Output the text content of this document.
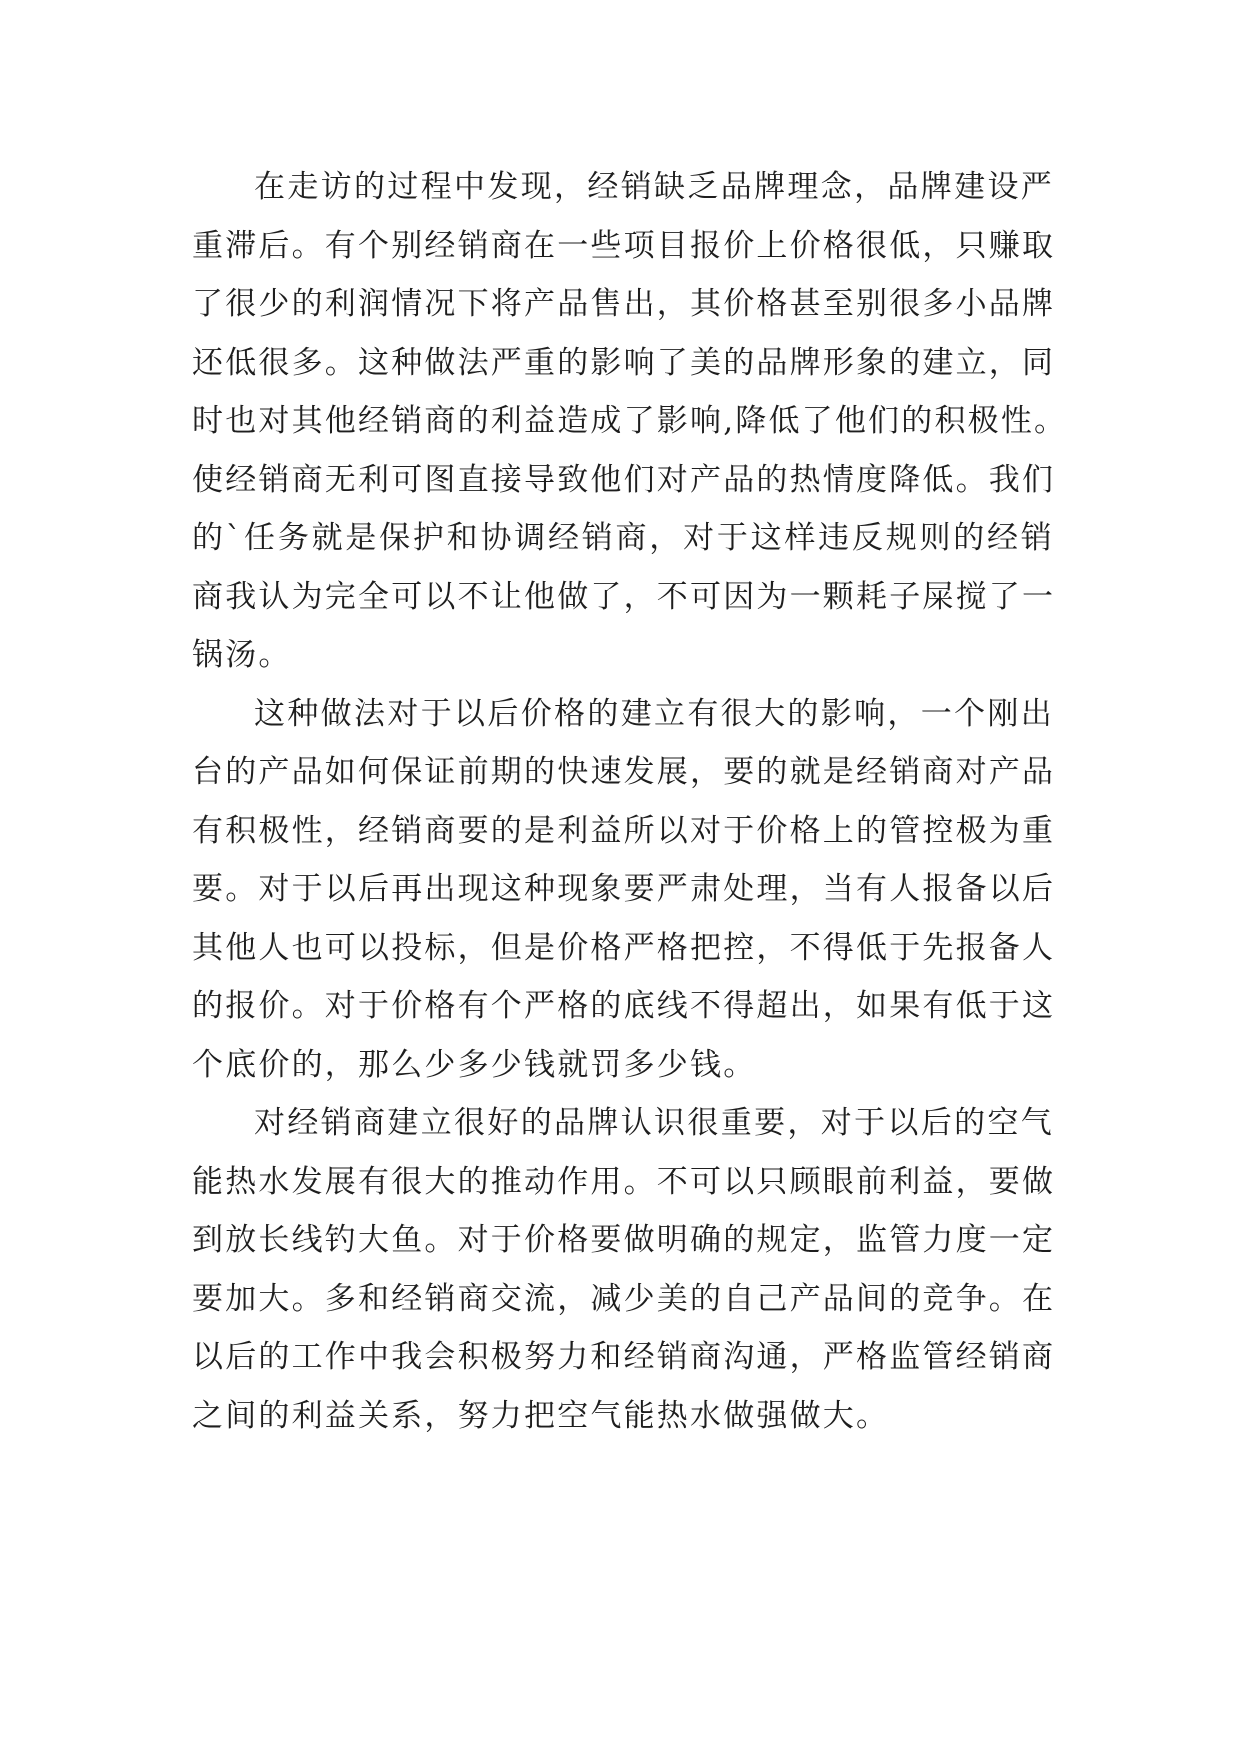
在走访的过程中发现，经销缺乏品牌理念，品牌建设严
重滞后。有个别经销商在一些项目报价上价格很低，只赚取
了很少的利润情况下将产品售出，其价格甚至别很多小品牌
还低很多。这种做法严重的影响了美的品牌形象的建立，同
时也对其他经销商的利益造成了影响,降低了他们的积极性。
使经销商无利可图直接导致他们对产品的热情度降低。我们
的`任务就是保护和协调经销商，对于这样违反规则的经销
商我认为完全可以不让他做了，不可因为一颗耗子屎搅了一
锅汤。

这种做法对于以后价格的建立有很大的影响，一个刚出
台的产品如何保证前期的快速发展，要的就是经销商对产品
有积极性，经销商要的是利益所以对于价格上的管控极为重
要。对于以后再出现这种现象要严肃处理，当有人报备以后
其他人也可以投标，但是价格严格把控，不得低于先报备人
的报价。对于价格有个严格的底线不得超出，如果有低于这
个底价的，那么少多少钱就罚多少钱。

对经销商建立很好的品牌认识很重要，对于以后的空气
能热水发展有很大的推动作用。不可以只顾眼前利益，要做
到放长线钓大鱼。对于价格要做明确的规定，监管力度一定
要加大。多和经销商交流，减少美的自己产品间的竞争。在
以后的工作中我会积极努力和经销商沟通，严格监管经销商
之间的利益关系，努力把空气能热水做强做大。
